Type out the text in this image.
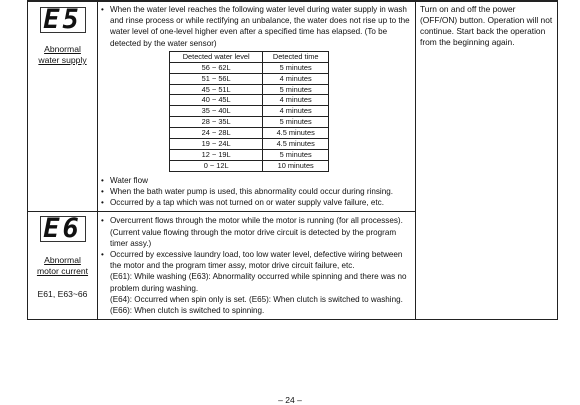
E5
Abnormal
water supply

• When the water level reaches the following water level during water supply in wash and rinse process or while rectifying an unbalance, the water does not rise up to the water level of one-level higher even after a specified time has elapsed. (To be detected by the water sensor)
Detected water level	Detected time
56 ~ 62L	5 minutes
51 ~ 56L	4 minutes
45 ~ 51L	5 minutes
40 ~ 45L	4 minutes
35 ~ 40L	4 minutes
28 ~ 35L	5 minutes
24 ~ 28L	4.5 minutes
19 ~ 24L	4.5 minutes
12 ~ 19L	5 minutes
0 ~ 12L	10 minutes
• Water flow
• When the bath water pump is used, this abnormality could occur during rinsing.
• Occurred by a tap which was not turned on or water supply valve failure, etc.
	Turn on and off the power (OFF/ON) button. Operation will not continue. Start back the operation from the beginning again.

E6
Abnormal
motor current
E61, E63~66

• Overcurrent flows through the motor while the motor is running (for all processes).
(Current value flowing through the motor drive circuit is detected by the program timer assy.)
• Occurred by excessive laundry load, too low water level, defective wiring between the motor and the program timer assy, motor drive circuit failure, etc.
(E61): While washing (E63): Abnormality occurred while spinning and there was no problem during washing.
(E64): Occurred when spin only is set. (E65): When clutch is switched to washing.
(E66): When clutch is switched to spinning.
– 24 –
